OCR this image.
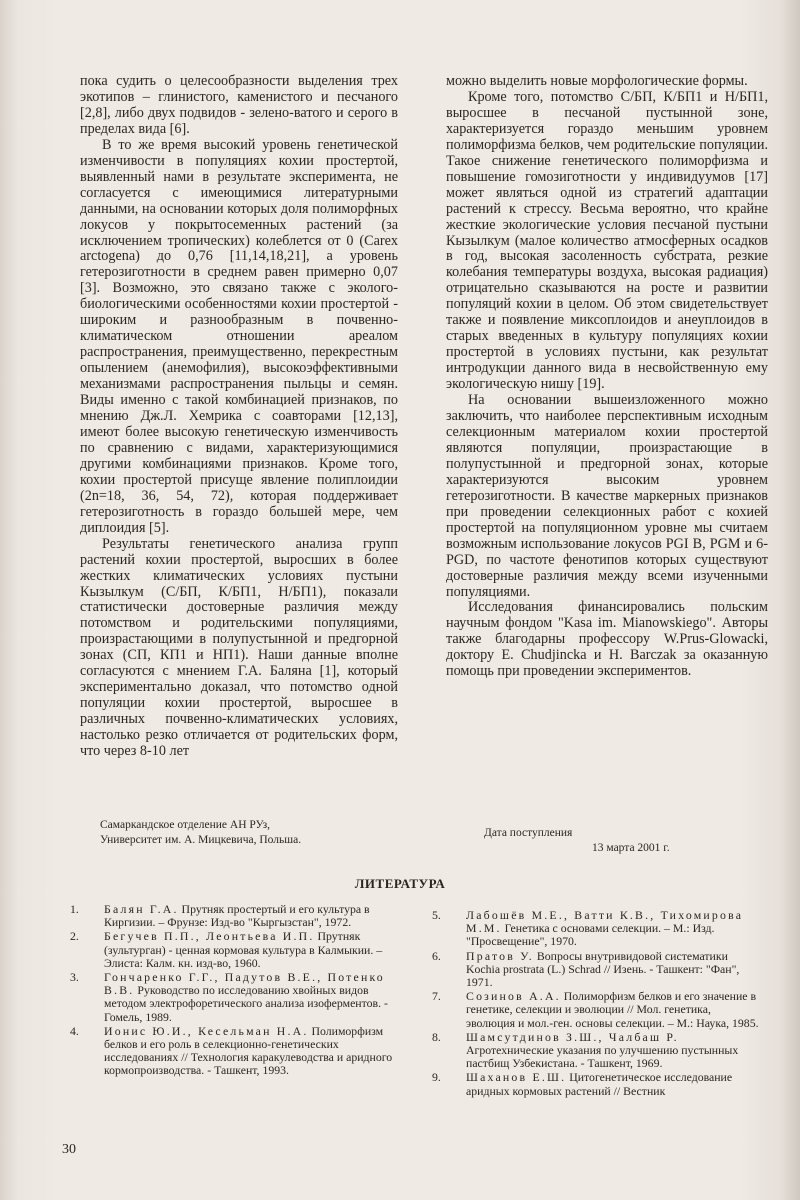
пока судить о целесообразности выделения трех экотипов – глинистого, каменистого и песчаного [2,8], либо двух подвидов - зелено-ватого и серого в пределах вида [6].

В то же время высокий уровень генетической изменчивости в популяциях кохии простертой, выявленный нами в результате эксперимента, не согласуется с имеющимися литературными данными, на основании которых доля полиморфных локусов у покрытосеменных растений (за исключением тропических) колеблется от 0 (Carex arctogena) до 0,76 [11,14,18,21], а уровень гетерозиготности в среднем равен примерно 0,07 [3]. Возможно, это связано также с эколого-биологическими особенностями кохии простертой - широким и разнообразным в почвенно-климатическом отношении ареалом распространения, преимущественно, перекрестным опылением (анемофилия), высокоэффективными механизмами распространения пыльцы и семян. Виды именно с такой комбинацией признаков, по мнению Дж.Л. Хемрика с соавторами [12,13], имеют более высокую генетическую изменчивость по сравнению с видами, характеризующимися другими комбинациями признаков. Кроме того, кохии простертой присуще явление полиплоидии (2n=18, 36, 54, 72), которая поддерживает гетерозиготность в гораздо большей мере, чем диплоидия [5].

Результаты генетического анализа групп растений кохии простертой, выросших в более жестких климатических условиях пустыни Кызылкум (С/БП, К/БП1, Н/БП1), показали статистически достоверные различия между потомством и родительскими популяциями, произрастающими в полупустынной и предгорной зонах (СП, КП1 и НП1). Наши данные вполне согласуются с мнением Г.А. Баляна [1], который экспериментально доказал, что потомство одной популяции кохии простертой, выросшее в различных почвенно-климатических условиях, настолько резко отличается от родительских форм, что через 8-10 лет

можно выделить новые морфологические формы.

Кроме того, потомство С/БП, К/БП1 и Н/БП1, выросшее в песчаной пустынной зоне, характеризуется гораздо меньшим уровнем полиморфизма белков, чем родительские популяции. Такое снижение генетического полиморфизма и повышение гомозиготности у индивидуумов [17] может являться одной из стратегий адаптации растений к стрессу. Весьма вероятно, что крайне жесткие экологические условия песчаной пустыни Кызылкум (малое количество атмосферных осадков в год, высокая засоленность субстрата, резкие колебания температуры воздуха, высокая радиация) отрицательно сказываются на росте и развитии популяций кохии в целом. Об этом свидетельствует также и появление миксоплоидов и анеуплоидов в старых введенных в культуру популяциях кохии простертой в условиях пустыни, как результат интродукции данного вида в несвойственную ему экологическую нишу [19].

На основании вышеизложенного можно заключить, что наиболее перспективным исходным селекционным материалом кохии простертой являются популяции, произрастающие в полупустынной и предгорной зонах, которые характеризуются высоким уровнем гетерозиготности. В качестве маркерных признаков при проведении селекционных работ с кохией простертой на популяционном уровне мы считаем возможным использование локусов PGI B, PGM и 6-PGD, по частоте фенотипов которых существуют достоверные различия между всеми изученными популяциями.

Исследования финансировались польским научным фондом "Kasa im. Mianowskiego". Авторы также благодарны профессору W.Prus-Glowacki, доктору E. Chudjincka и H. Barczak за оказанную помощь при проведении экспериментов.

Самаркандское отделение АН РУз,
Университет им. А. Мицкевича, Польша.
Дата поступления
13 марта 2001 г.
ЛИТЕРАТУРА
1.	Балян Г.А. Прутняк простертый и его культура в Киргизии. – Фрунзе: Изд-во "Кыргызстан", 1972.
2.	Бегучев П.П., Леонтьева И.П. Прутняк (зультурган) - ценная кормовая культура в Калмыкии. – Элиста: Калм. кн. изд-во, 1960.
3.	Гончаренко Г.Г., Падутов В.Е., Потенко В.В. Руководство по исследованию хвойных видов методом электрофоретического анализа изоферментов. - Гомель, 1989.
4.	Ионис Ю.И., Кесельман Н.А. Полиморфизм белков и его роль в селекционно-генетических исследованиях // Технология каракулеводства и аридного кормопроизводства. - Ташкент, 1993.
5.	Лабошёв М.Е., Ватти К.В., Тихомирова М.М. Генетика с основами селекции. – М.: Изд. "Просвещение", 1970.
6.	Пратов У. Вопросы внутривидовой систематики Kochia prostrata (L.) Schrad // Изень. - Ташкент: "Фан", 1971.
7.	Созинов А.А. Полиморфизм белков и его значение в генетике, селекции и эволюции // Мол. генетика, эволюция и мол.-ген. основы селекции. – М.: Наука, 1985.
8.	Шамсутдинов З.Ш., Чалбаш Р. Агротехнические указания по улучшению пустынных пастбищ Узбекистана. - Ташкент, 1969.
9.	Шаханов Е.Ш. Цитогенетическое исследование аридных кормовых растений // Вестник
30
